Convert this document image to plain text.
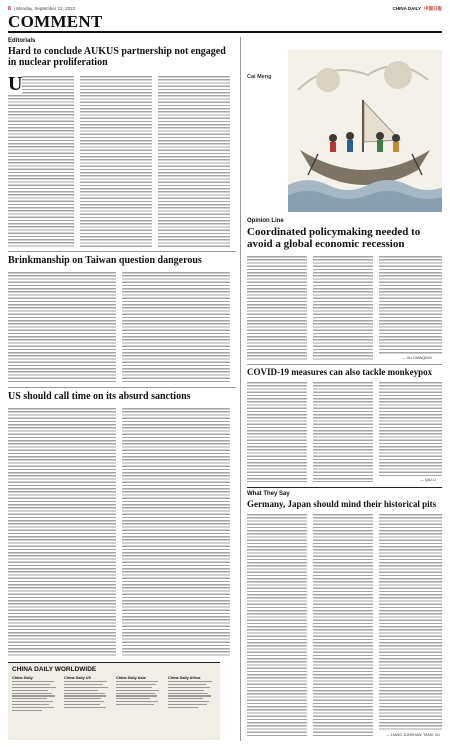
8 | Monday, September 12, 2022	CHINA DAILY 中国日报
COMMENT
Editorials
Hard to conclude AUKUS partnership not engaged in nuclear proliferation
U
Brinkmanship on Taiwan question dangerous
US should call time on its absurd sanctions
Cai Meng
Opinion Line
Coordinated policymaking needed to avoid a global economic recession
— XU DIANQING
COVID-19 measures can also tackle monkeypox
— QIU LI
What They Say
Germany, Japan should mind their historical pits
— LIANG JUNSHAN, TANG XU
CHINA DAILY WORLDWIDE
China Daily	China Daily US	China Daily Asia	China Daily Africa
